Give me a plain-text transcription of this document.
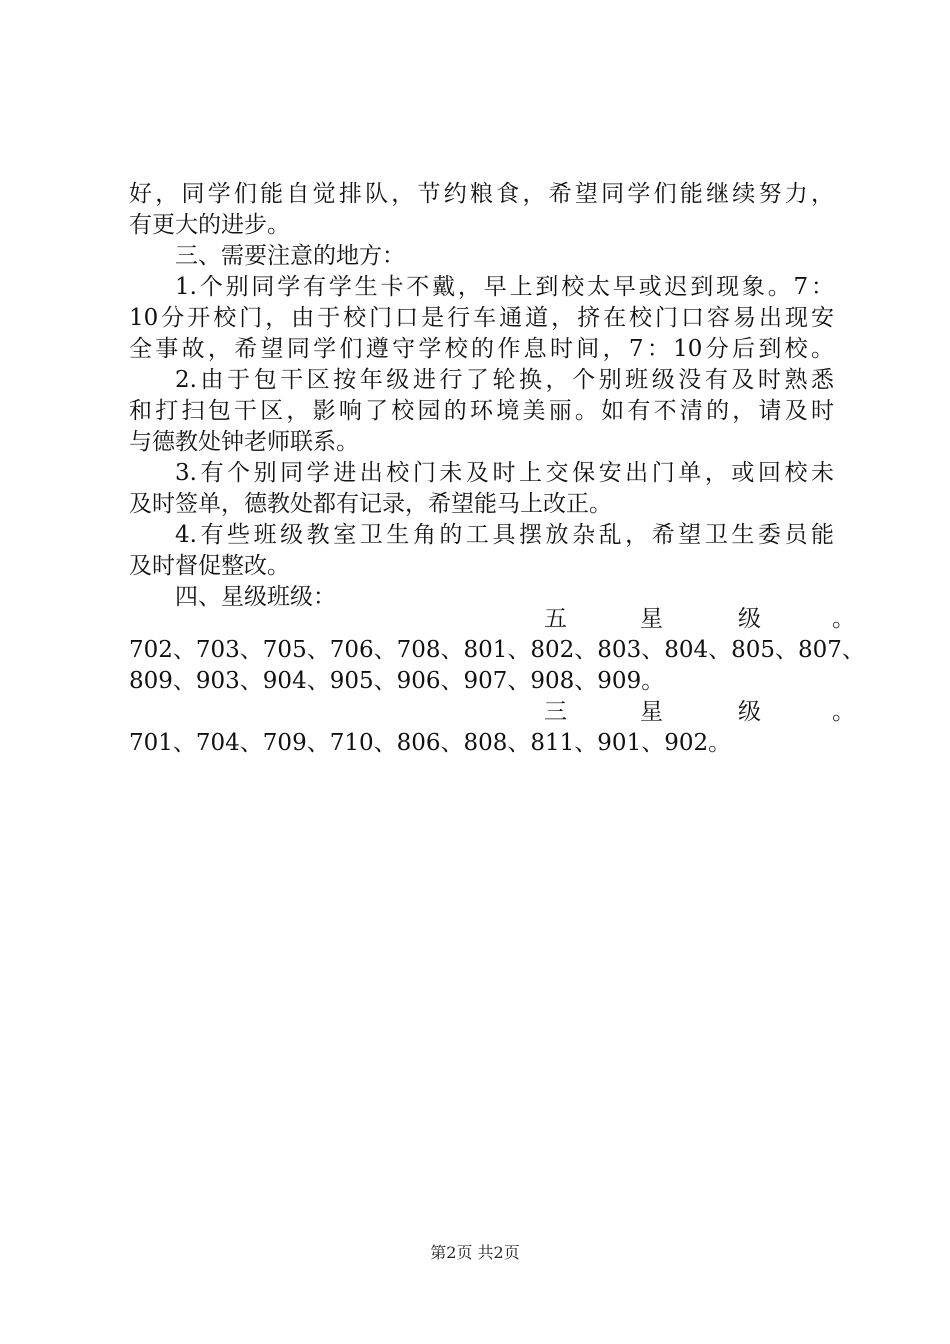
好，同学们能自觉排队，节约粮食，希望同学们能继续努力，
有更大的进步。
三、需要注意的地方：
1.个别同学有学生卡不戴，早上到校太早或迟到现象。7：
10分开校门，由于校门口是行车通道，挤在校门口容易出现安
全事故，希望同学们遵守学校的作息时间，7：10分后到校。
2.由于包干区按年级进行了轮换，个别班级没有及时熟悉
和打扫包干区，影响了校园的环境美丽。如有不清的，请及时
与德教处钟老师联系。
3.有个别同学进出校门未及时上交保安出门单，或回校未
及时签单，德教处都有记录，希望能马上改正。
4.有些班级教室卫生角的工具摆放杂乱，希望卫生委员能
及时督促整改。
四、星级班级：
五	星	级	。
702、703、705、706、708、801、802、803、804、805、807、
809、903、904、905、906、907、908、909。
三	星	级	。
701、704、709、710、806、808、811、901、902。
第2页 共2页
